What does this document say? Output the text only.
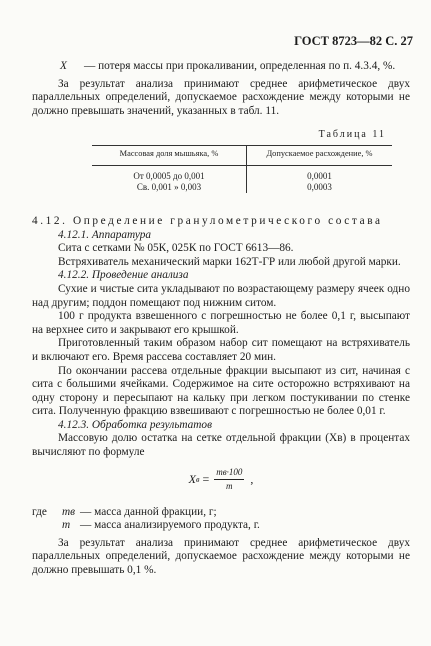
ГОСТ 8723—82 С. 27
X	— потеря массы при прокаливании, определенная по п. 4.3.4, %.

За результат анализа принимают среднее арифметическое двух параллельных определений, допускаемое расхождение между которыми не должно превышать значений, указанных в табл. 11.

Таблица 11
Массовая доля мышьяка, %	Допускаемое расхождение, %
От 0,0005 до 0,001	0,0001
Св. 0,001 » 0,003	0,0003

4.12. Определение гранулометрического состава

4.12.1. Аппаратура

Сита с сетками № 05К, 025К по ГОСТ 6613—86.

Встряхиватель механический марки 162Т-ГР или любой другой марки.

4.12.2. Проведение анализа

Сухие и чистые сита укладывают по возрастающему размеру ячеек одно над другим; поддон помещают под нижним ситом.

100 г продукта взвешенного с погрешностью не более 0,1 г, высыпают на верхнее сито и закрывают его крышкой.

Приготовленный таким образом набор сит помещают на встряхиватель и включают его. Время рассева составляет 20 мин.

По окончании рассева отдельные фракции высыпают из сит, начиная с сита с большими ячейками. Содержимое на сите осторожно встряхивают на одну сторону и пересыпают на кальку при легком постукивании по стенке сита. Полученную фракцию взвешивают с погрешностью не более 0,01 г.

4.12.3. Обработка результатов

Массовую долю остатка на сетке отдельной фракции (Xв) в процентах вычисляют по формуле

X $в = \frac{mв\cdot 100}{m}$ ,
где	mв — масса данной фракции, г;
m — масса анализируемого продукта, г.

За результат анализа принимают среднее арифметическое двух параллельных определений, допускаемое расхождение между которыми не должно превышать 0,1 %.
